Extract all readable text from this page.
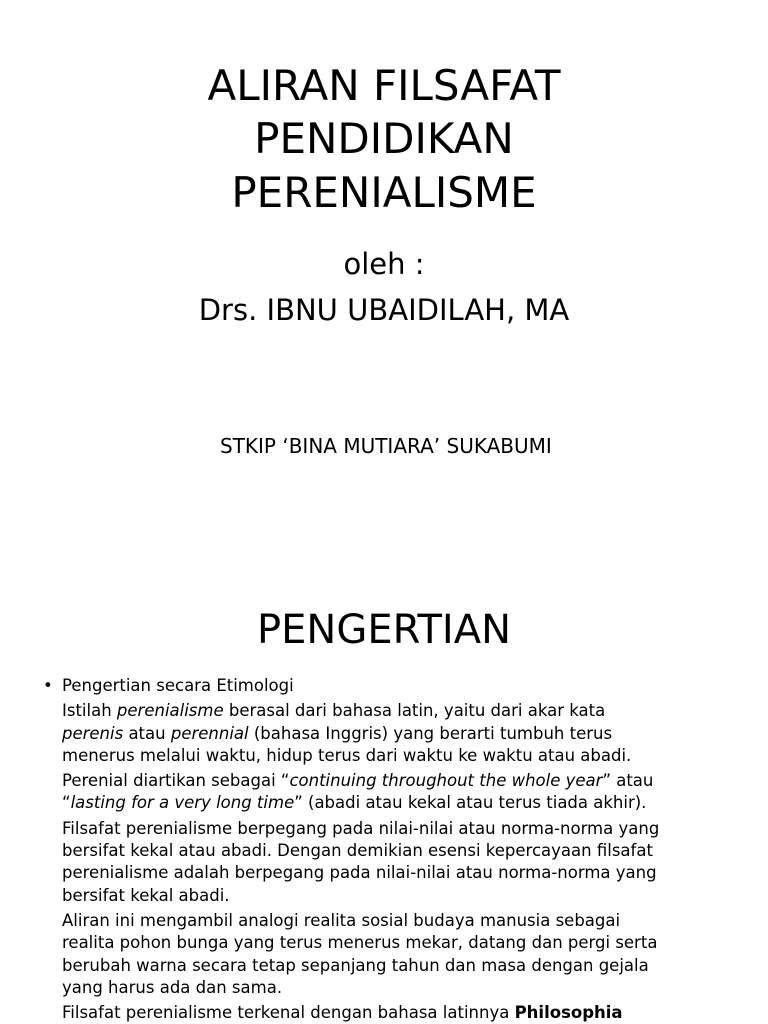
ALIRAN FILSAFAT
PENDIDIKAN
PERENIALISME
oleh :
Drs. IBNU UBAIDILAH, MA
STKIP ‘BINA MUTIARA’ SUKABUMI
PENGERTIAN
• Pengertian secara Etimologi
Istilah perenialisme berasal dari bahasa latin, yaitu dari akar kata
perenis atau perennial (bahasa Inggris) yang berarti tumbuh terus
menerus melalui waktu, hidup terus dari waktu ke waktu atau abadi.
Perenial diartikan sebagai “continuing throughout the whole year” atau
“lasting for a very long time” (abadi atau kekal atau terus tiada akhir).
Filsafat perenialisme berpegang pada nilai-nilai atau norma-norma yang
bersifat kekal atau abadi. Dengan demikian esensi kepercayaan filsafat
perenialisme adalah berpegang pada nilai-nilai atau norma-norma yang
bersifat kekal abadi.
Aliran ini mengambil analogi realita sosial budaya manusia sebagai
realita pohon bunga yang terus menerus mekar, datang dan pergi serta
berubah warna secara tetap sepanjang tahun dan masa dengan gejala
yang harus ada dan sama.
Filsafat perenialisme terkenal dengan bahasa latinnya Philosophia
